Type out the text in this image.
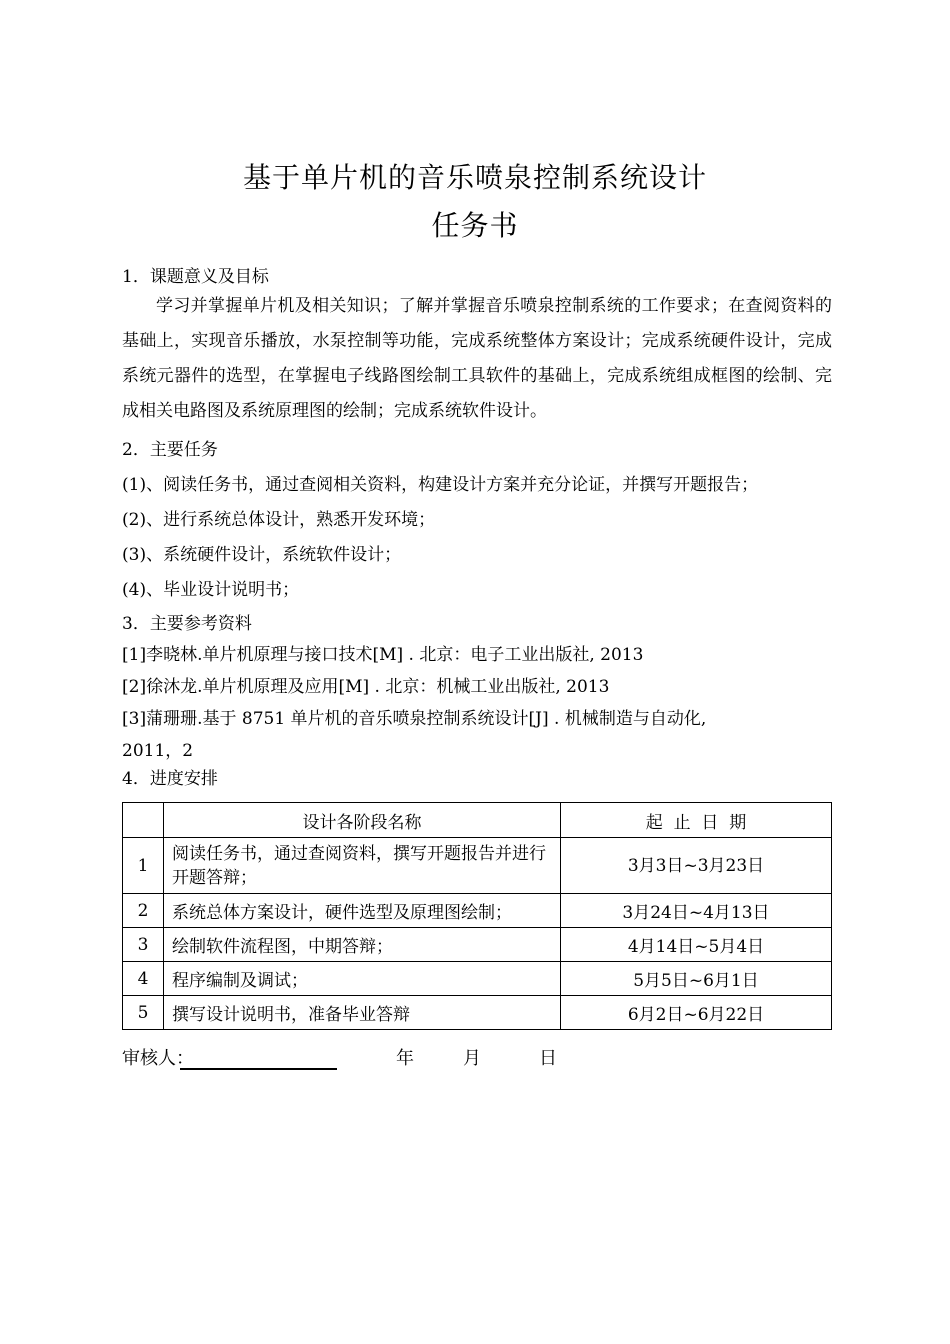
基于单片机的音乐喷泉控制系统设计
任务书
1．课题意义及目标
学习并掌握单片机及相关知识；了解并掌握音乐喷泉控制系统的工作要求；在查阅资料的基础上，实现音乐播放，水泵控制等功能，完成系统整体方案设计；完成系统硬件设计，完成系统元器件的选型，在掌握电子线路图绘制工具软件的基础上，完成系统组成框图的绘制、完成相关电路图及系统原理图的绘制；完成系统软件设计。
2．主要任务
(1)、阅读任务书，通过查阅相关资料，构建设计方案并充分论证，并撰写开题报告；
(2)、进行系统总体设计，熟悉开发环境；
(3)、系统硬件设计，系统软件设计；
(4)、毕业设计说明书；
3．主要参考资料
[1]李晓林.单片机原理与接口技术[M] . 北京：电子工业出版社, 2013
[2]徐沐龙.单片机原理及应用[M] . 北京：机械工业出版社, 2013
[3]蒲珊珊.基于 8751 单片机的音乐喷泉控制系统设计[J] . 机械制造与自动化,
2011，2
4．进度安排
	设计各阶段名称	起  止  日  期
1	阅读任务书，通过查阅资料，撰写开题报告并进行开题答辩；	3月3日~3月23日
2	系统总体方案设计，硬件选型及原理图绘制；	3月24日~4月13日
3	绘制软件流程图，中期答辩；	4月14日~5月4日
4	程序编制及调试；	5月5日~6月1日
5	撰写设计说明书，准备毕业答辩	6月2日~6月22日
审核人：	年	月	日
